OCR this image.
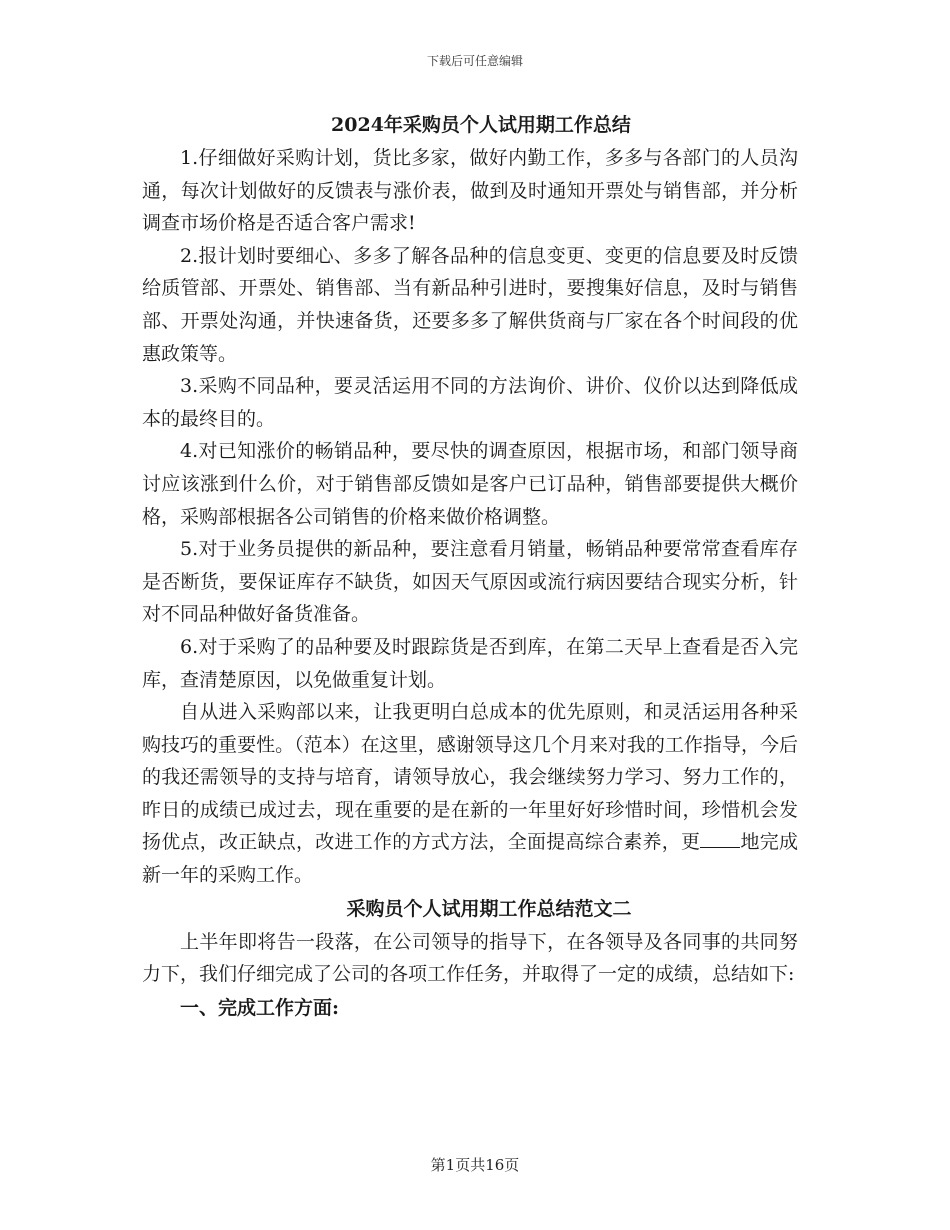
下载后可任意编辑

2024年采购员个人试用期工作总结

1.仔细做好采购计划，货比多家，做好内勤工作，多多与各部门的人员沟通，每次计划做好的反馈表与涨价表，做到及时通知开票处与销售部，并分析调查市场价格是否适合客户需求!

2.报计划时要细心、多多了解各品种的信息变更、变更的信息要及时反馈给质管部、开票处、销售部、当有新品种引进时，要搜集好信息，及时与销售部、开票处沟通，并快速备货，还要多多了解供货商与厂家在各个时间段的优惠政策等。

3.采购不同品种，要灵活运用不同的方法询价、讲价、仪价以达到降低成本的最终目的。

4.对已知涨价的畅销品种，要尽快的调查原因，根据市场，和部门领导商讨应该涨到什么价，对于销售部反馈如是客户已订品种，销售部要提供大概价格，采购部根据各公司销售的价格来做价格调整。

5.对于业务员提供的新品种，要注意看月销量，畅销品种要常常查看库存是否断货，要保证库存不缺货，如因天气原因或流行病因要结合现实分析，针对不同品种做好备货准备。

6.对于采购了的品种要及时跟踪货是否到库，在第二天早上查看是否入完库，查清楚原因，以免做重复计划。

自从进入采购部以来，让我更明白总成本的优先原则，和灵活运用各种采购技巧的重要性。（范本）在这里，感谢领导这几个月来对我的工作指导，今后的我还需领导的支持与培育，请领导放心，我会继续努力学习、努力工作的，昨日的成绩已成过去，现在重要的是在新的一年里好好珍惜时间，珍惜机会发扬优点，改正缺点，改进工作的方式方法，全面提高综合素养，更 地完成新一年的采购工作。

采购员个人试用期工作总结范文二

上半年即将告一段落，在公司领导的指导下，在各领导及各同事的共同努力下，我们仔细完成了公司的各项工作任务，并取得了一定的成绩，总结如下:

一、完成工作方面:

第1页共16页
